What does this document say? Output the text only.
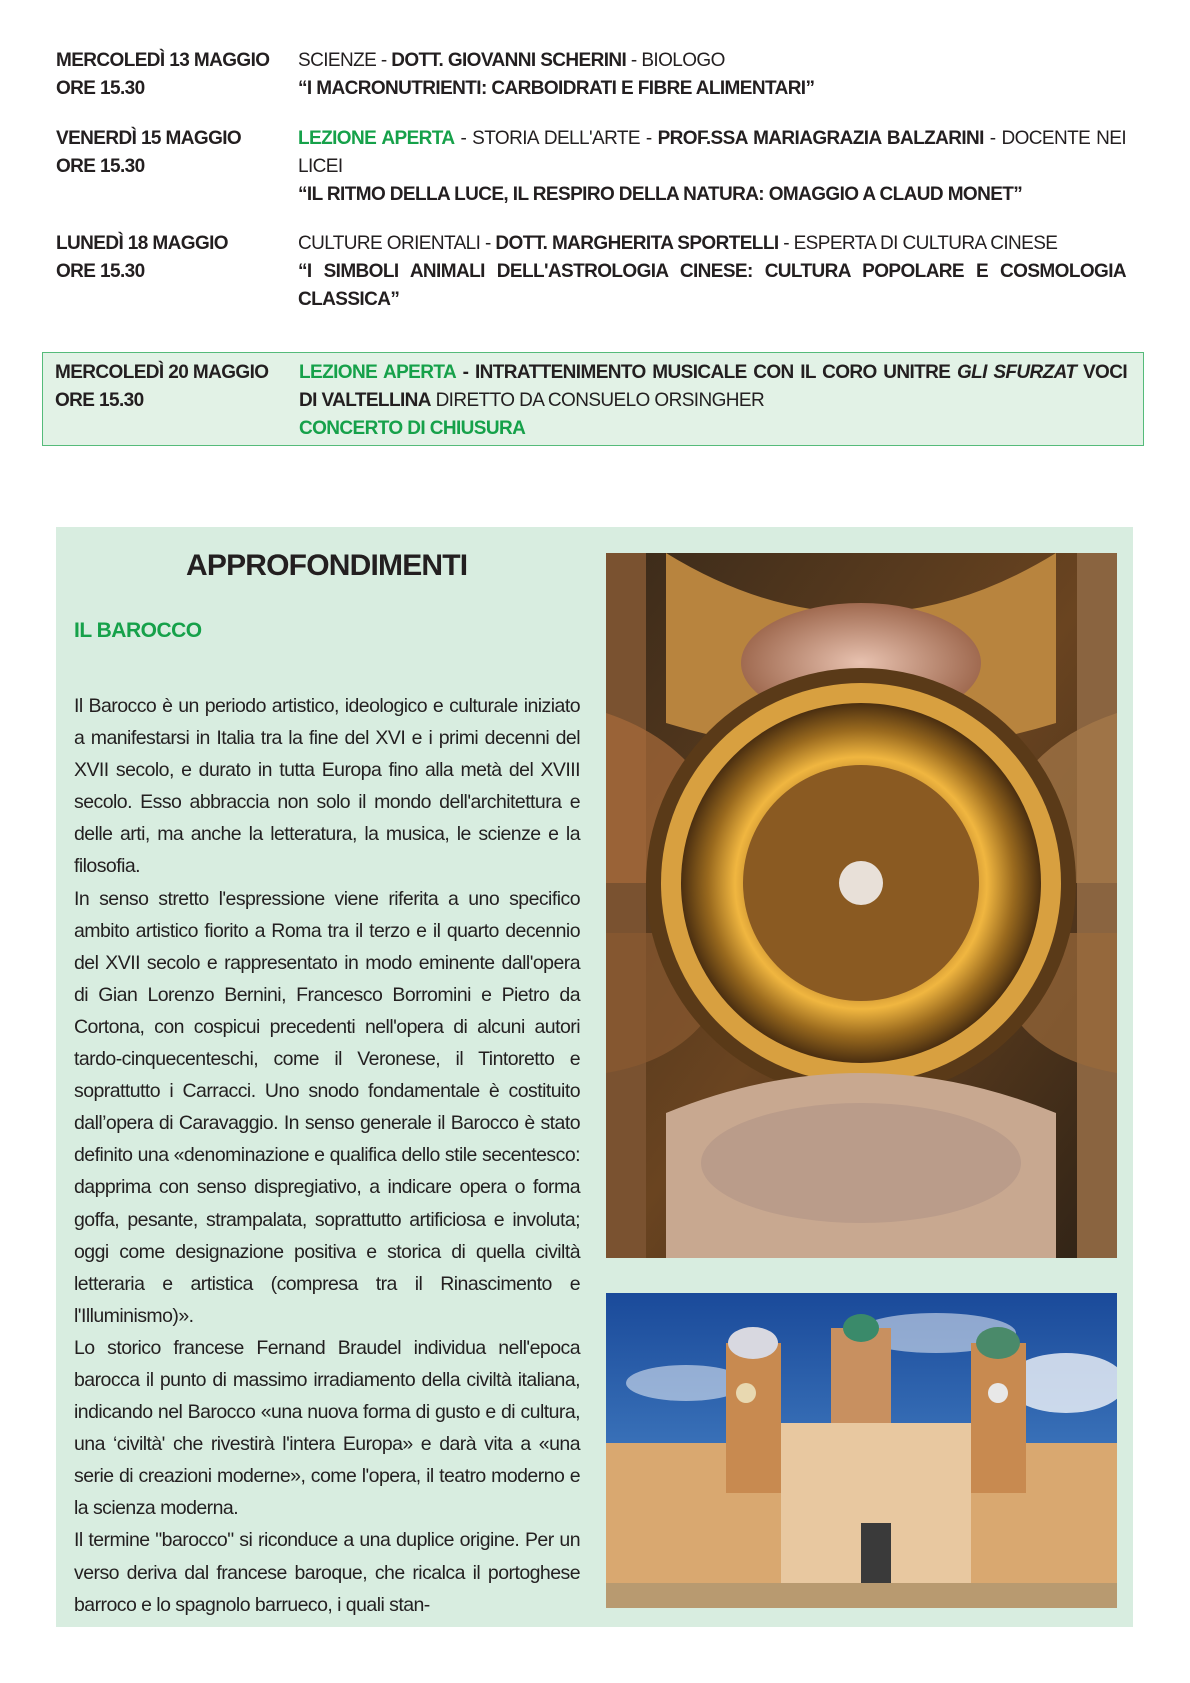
MERCOLEDÌ 13 MAGGIO
ORE 15.30
SCIENZE - DOTT. GIOVANNI SCHERINI - BIOLOGO
“I MACRONUTRIENTI: CARBOIDRATI E FIBRE ALIMENTARI”
VENERDÌ 15 MAGGIO
ORE 15.30
LEZIONE APERTA - STORIA DELL'ARTE - PROF.SSA MARIAGRAZIA BALZARINI - DOCENTE NEI LICEI
“IL RITMO DELLA LUCE, IL RESPIRO DELLA NATURA: OMAGGIO A CLAUD MONET”
LUNEDÌ 18 MAGGIO
ORE 15.30
CULTURE ORIENTALI - DOTT. MARGHERITA SPORTELLI - ESPERTA DI CULTURA CINESE
“I SIMBOLI ANIMALI DELL'ASTROLOGIA CINESE: CULTURA POPOLARE E COSMOLOGIA CLASSICA”
MERCOLEDÌ 20 MAGGIO
ORE 15.30
LEZIONE APERTA - INTRATTENIMENTO MUSICALE CON IL CORO UNITRE GLI SFURZAT VOCI DI VALTELLINA DIRETTO DA CONSUELO ORSINGHER
CONCERTO DI CHIUSURA
APPROFONDIMENTI
IL BAROCCO

Il Barocco è un periodo artistico, ideologico e culturale iniziato a manifestarsi in Italia tra la fine del XVI e i primi decenni del XVII secolo, e durato in tutta Europa fino alla metà del XVIII secolo. Esso abbraccia non solo il mondo dell'architettura e delle arti, ma anche la letteratura, la musica, le scienze e la filosofia.

In senso stretto l'espressione viene riferita a uno specifico ambito artistico fiorito a Roma tra il terzo e il quarto decennio del XVII secolo e rappresentato in modo eminente dall'opera di Gian Lorenzo Bernini, Francesco Borromini e Pietro da Cortona, con cospicui precedenti nell'opera di alcuni autori tardo-cinquecenteschi, come il Veronese, il Tintoretto e soprattutto i Carracci. Uno snodo fondamentale è costituito dall’opera di Caravaggio. In senso generale il Barocco è stato definito una «denominazione e qualifica dello stile secentesco: dapprima con senso dispregiativo, a indicare opera o forma goffa, pesante, strampalata, soprattutto artificiosa e involuta; oggi come designazione positiva e storica di quella civiltà letteraria e artistica (compresa tra il Rinascimento e l'Illuminismo)».

Lo storico francese Fernand Braudel individua nell'epoca barocca il punto di massimo irradiamento della civiltà italiana, indicando nel Barocco «una nuova forma di gusto e di cultura, una ‘civiltà' che rivestirà l'intera Europa» e darà vita a «una serie di creazioni moderne», come l'opera, il teatro moderno e la scienza moderna.

Il termine "barocco" si riconduce a una duplice origine. Per un verso deriva dal francese baroque, che ricalca il portoghese barroco e lo spagnolo barrueco, i quali stan-
